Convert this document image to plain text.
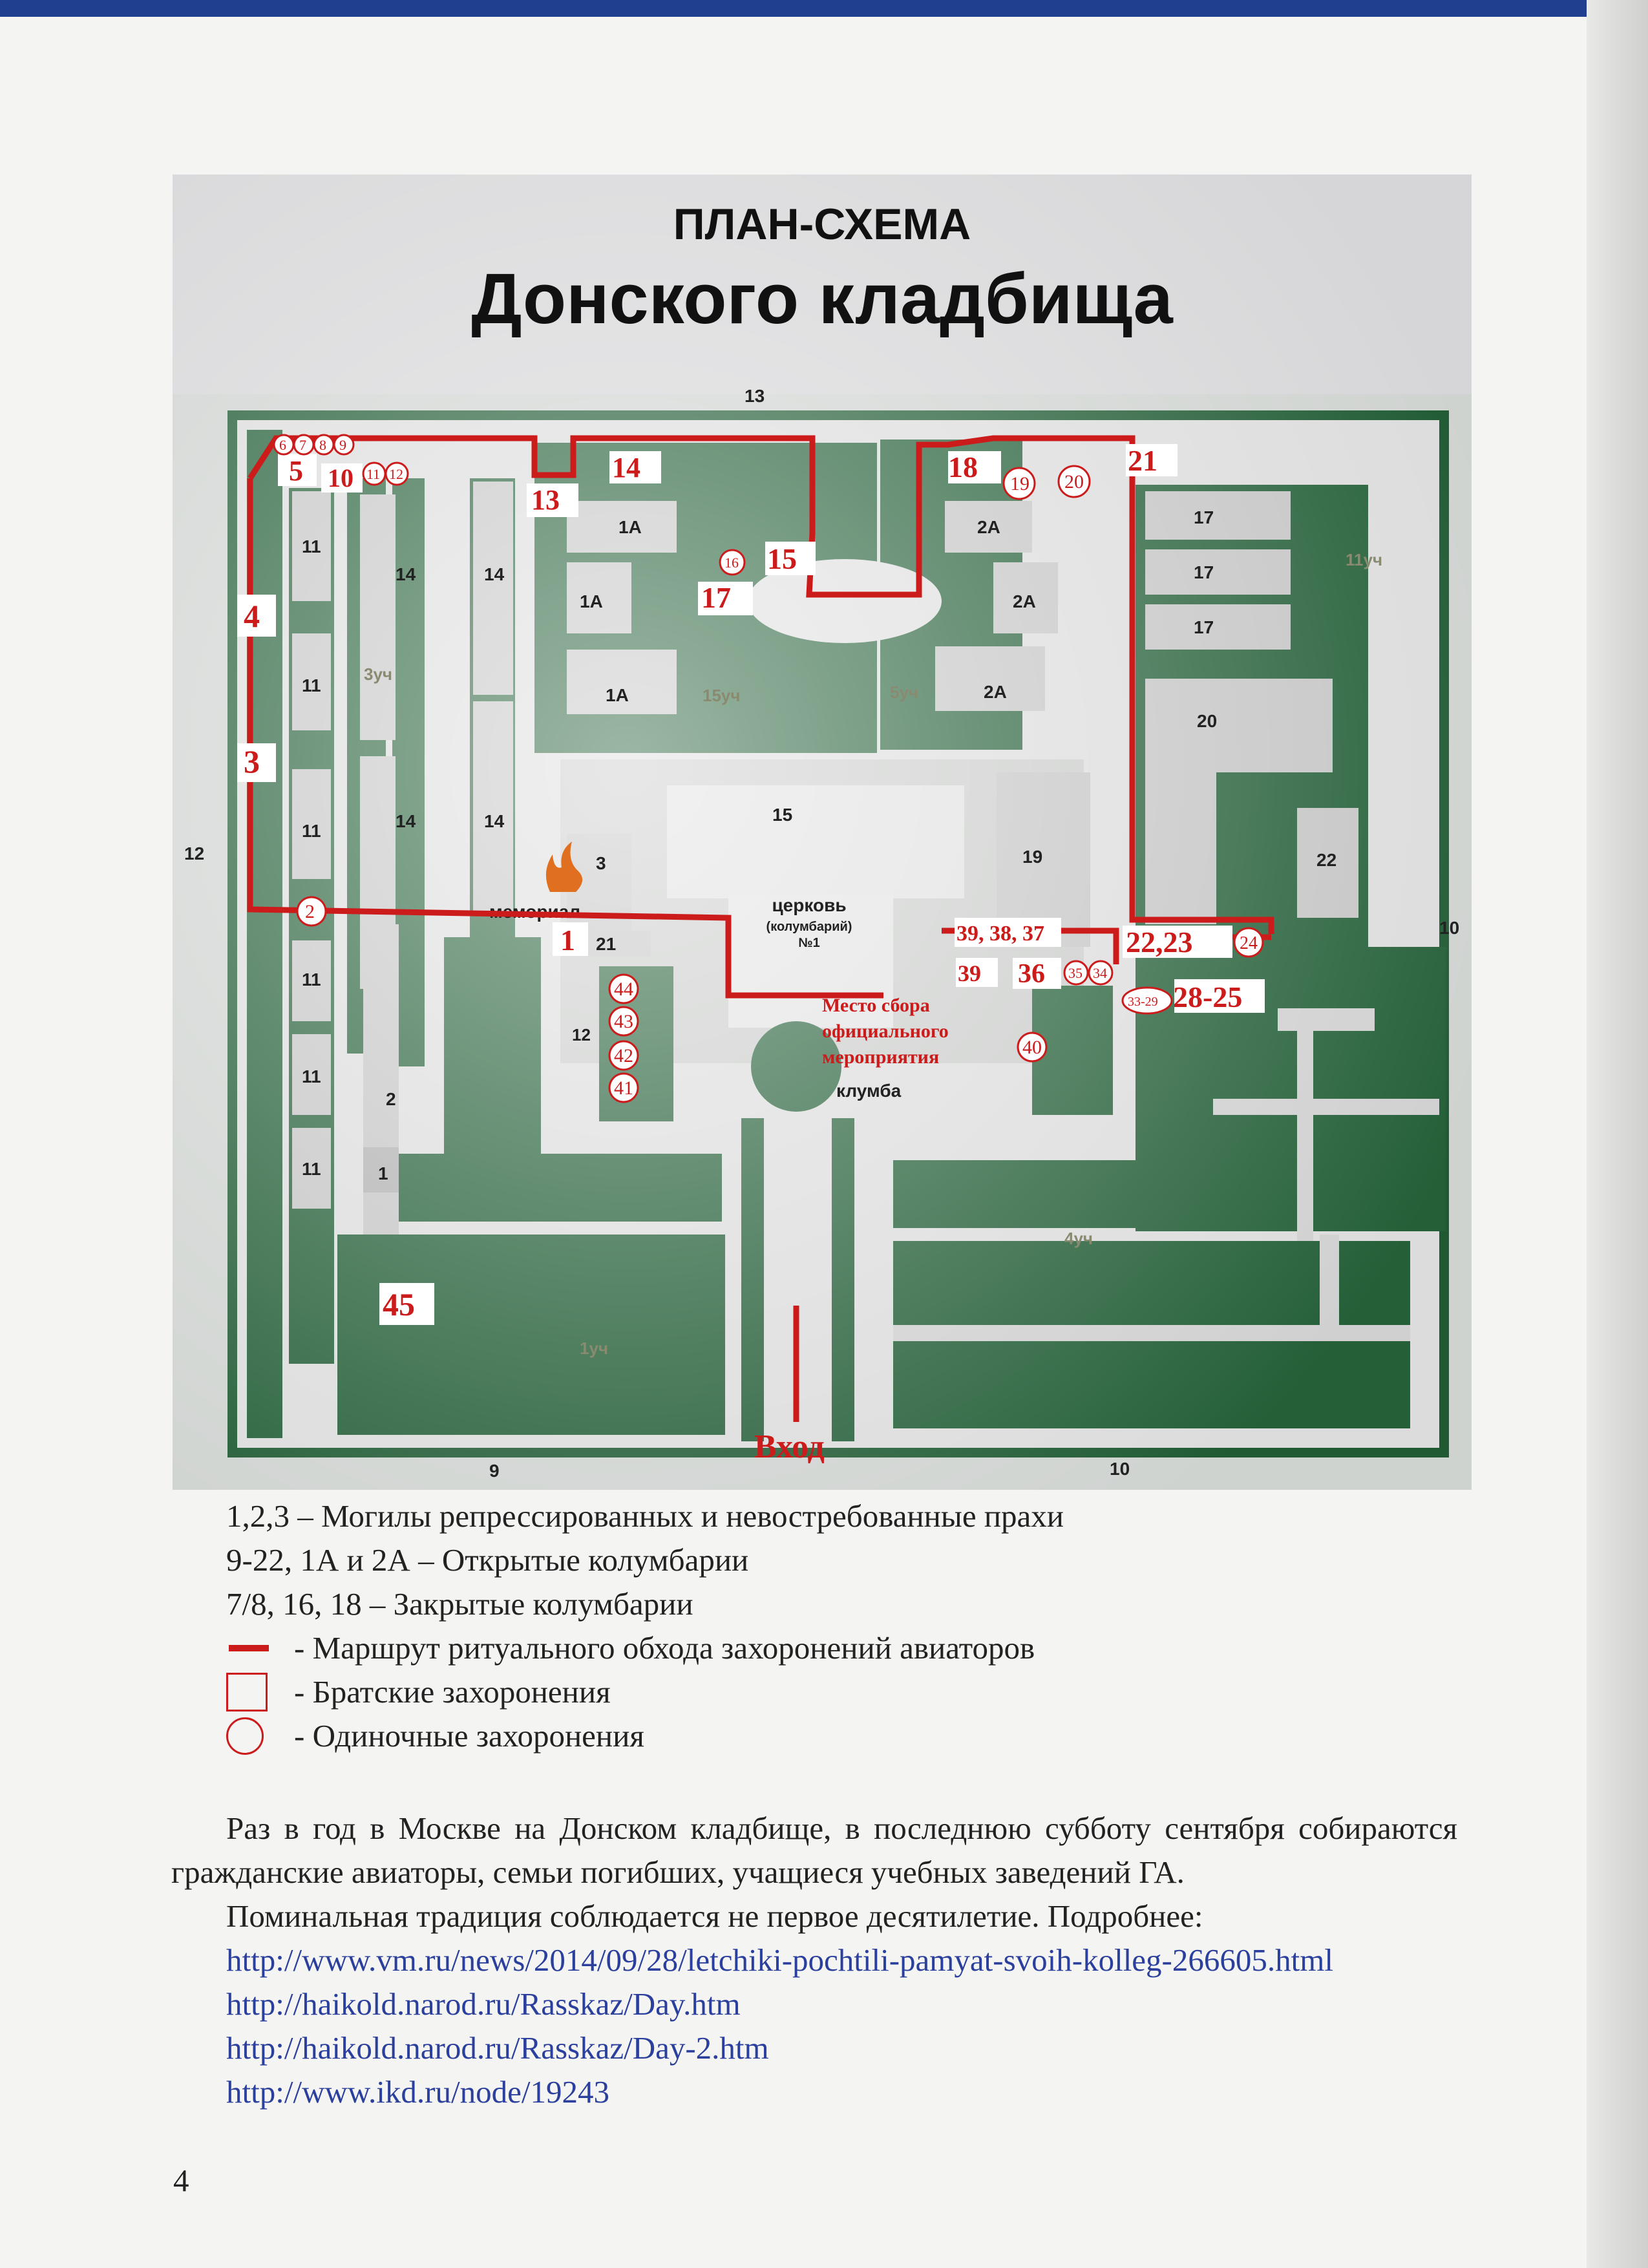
ПЛАН-СХЕМА
Донского кладбища
13
12
10
9	10
11
11
11
11
11
11
14	14
14	14
3уч
1А
1А
1А	15уч
2А
2А
2А
5уч
17
17
17
11уч
20
22
19
15
3
21
2
1
мемориал	церковь
(колумбарий)
№1
клумба
1уч
4уч
12
5 10	14
13
4
3
1
15
17
18	21
22,23
39 36
28-25
45
39, 38, 37
6 7 8 9
11 12
16
19 20
24
35 34
33-29
44
43
42
41
40
2
Место сбора
официального
мероприятия
Вход
1,2,3 – Могилы репрессированных и невостребованные прахи
9-22, 1А и 2А – Открытые колумбарии
7/8, 16, 18 – Закрытые колумбарии
- Маршрут ритуального обхода захоронений авиаторов
- Братские захоронения
- Одиночные захоронения
Раз в год в Москве на Донском кладбище, в последнюю субботу сентября собираются гражданские авиаторы, семьи погибших, учащиеся учебных заведений ГА.
Поминальная традиция соблюдается не первое десятилетие. Подробнее:
http://www.vm.ru/news/2014/09/28/letchiki-pochtili-pamyat-svoih-kolleg-266605.html
http://haikold.narod.ru/Rasskaz/Day.htm
http://haikold.narod.ru/Rasskaz/Day-2.htm
http://www.ikd.ru/node/19243
4
